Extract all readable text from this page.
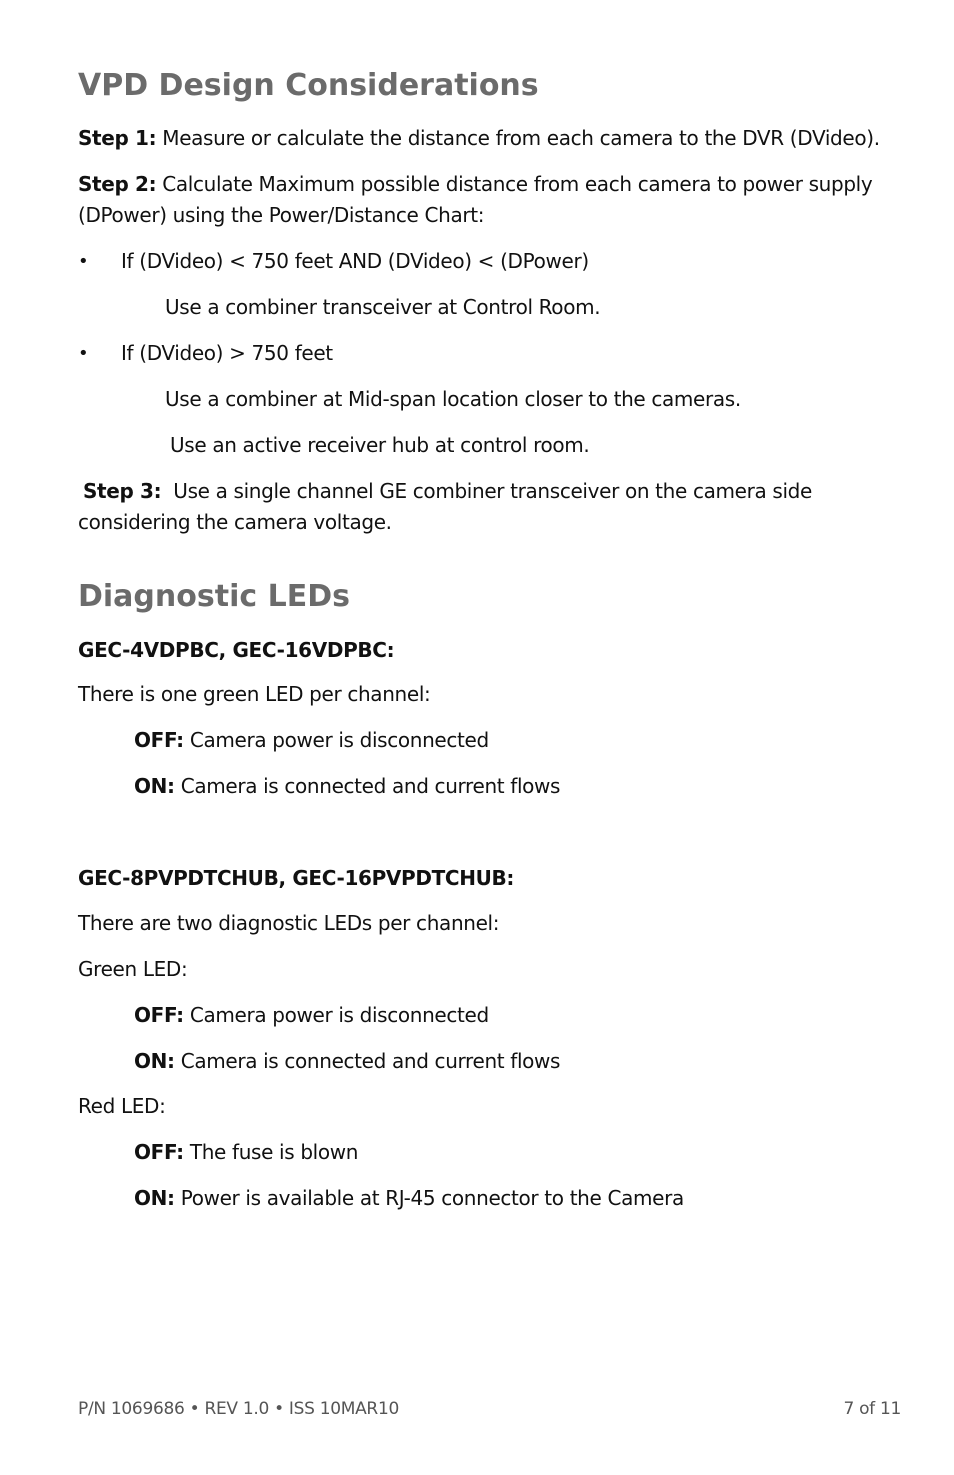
VPD Design Considerations
Step 1: Measure or calculate the distance from each camera to the DVR (DVideo).
Step 2: Calculate Maximum possible distance from each camera to power supply
(DPower) using the Power/Distance Chart:
• If (DVideo) < 750 feet AND (DVideo) < (DPower)
Use a combiner transceiver at Control Room.
• If (DVideo) > 750 feet
Use a combiner at Mid-span location closer to the cameras.
Use an active receiver hub at control room.
Step 3:  Use a single channel GE combiner transceiver on the camera side
considering the camera voltage.
Diagnostic LEDs
GEC-4VDPBC, GEC-16VDPBC:
There is one green LED per channel:
OFF: Camera power is disconnected
ON: Camera is connected and current flows
GEC-8PVPDTCHUB, GEC-16PVPDTCHUB:
There are two diagnostic LEDs per channel:
Green LED:
OFF: Camera power is disconnected
ON: Camera is connected and current flows
Red LED:
OFF: The fuse is blown
ON: Power is available at RJ-45 connector to the Camera
P/N 1069686 • REV 1.0 • ISS 10MAR10	7 of 11
